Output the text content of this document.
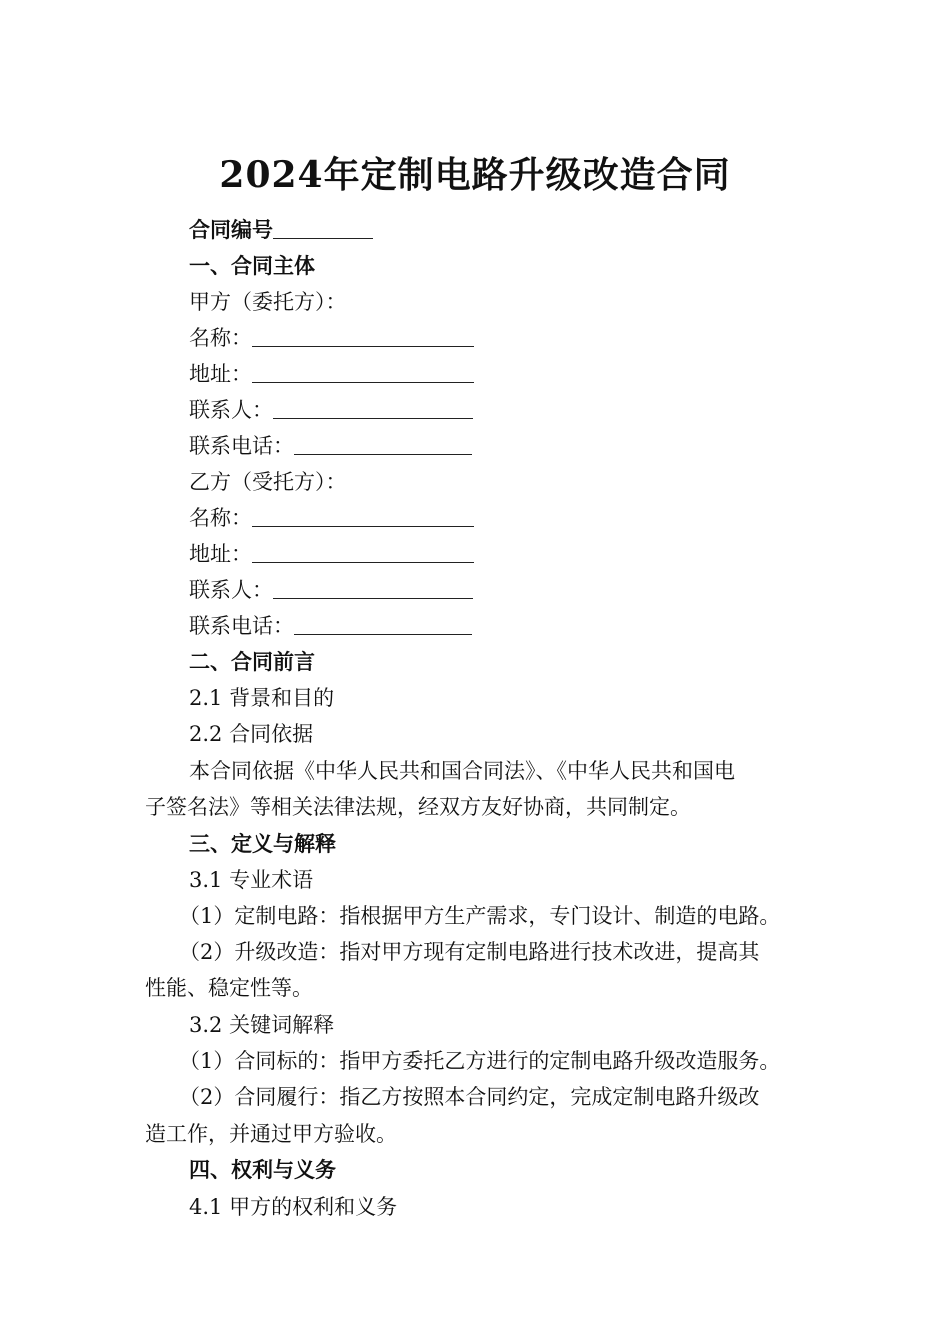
2024年定制电路升级改造合同
合同编号
一、合同主体
甲方（委托方）：
名称：
地址：
联系人：
联系电话：
乙方（受托方）：
名称：
地址：
联系人：
联系电话：
二、合同前言
2.1 背景和目的
2.2 合同依据
本合同依据《中华人民共和国合同法》、《中华人民共和国电
子签名法》等相关法律法规，经双方友好协商，共同制定。
三、定义与解释
3.1 专业术语
（1）定制电路：指根据甲方生产需求，专门设计、制造的电路。
（2）升级改造：指对甲方现有定制电路进行技术改进，提高其
性能、稳定性等。
3.2 关键词解释
（1）合同标的：指甲方委托乙方进行的定制电路升级改造服务。
（2）合同履行：指乙方按照本合同约定，完成定制电路升级改
造工作，并通过甲方验收。
四、权利与义务
4.1 甲方的权利和义务
